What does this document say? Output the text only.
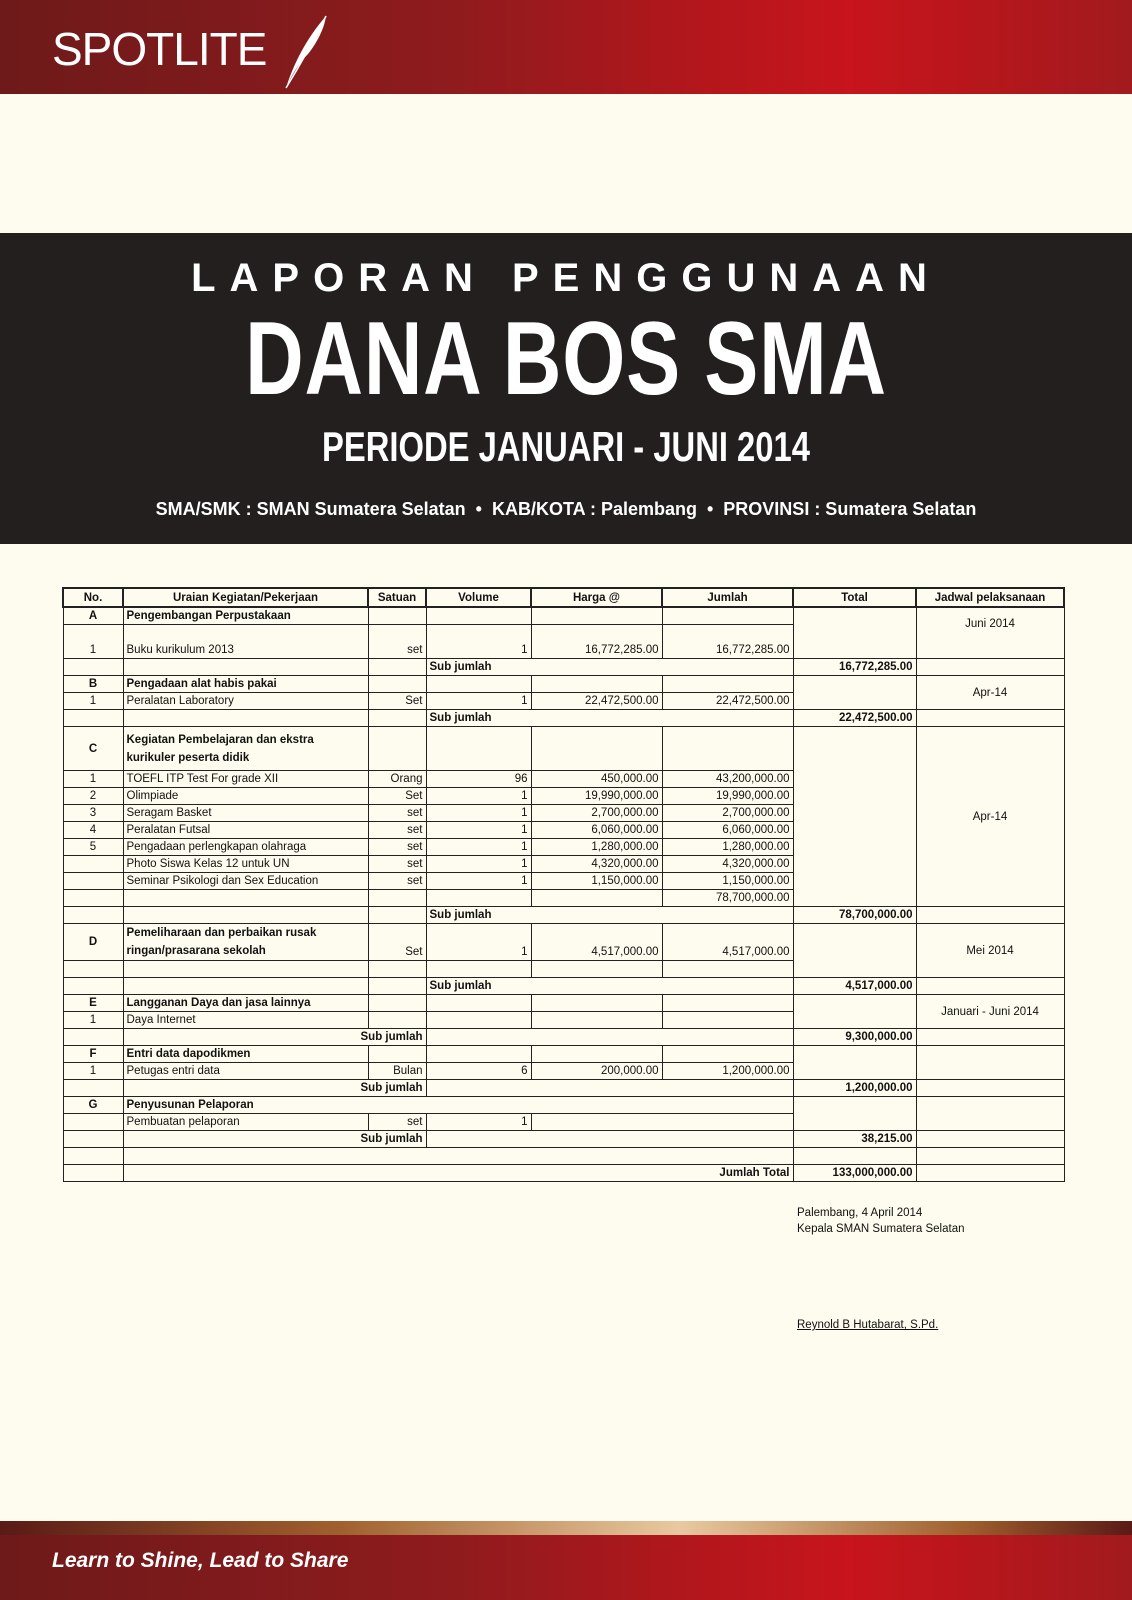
SPOTLITE
LAPORAN PENGGUNAAN
DANA BOS SMA
PERIODE JANUARI - JUNI 2014
SMA/SMK : SMAN Sumatera Selatan • KAB/KOTA : Palembang • PROVINSI : Sumatera Selatan
No.	Uraian Kegiatan/Pekerjaan	Satuan	Volume	Harga @	Jumlah	Total	Jadwal pelaksanaan
A	Pengembangan Perpustakaan						Juni 2014
1	Buku kurikulum 2013	set	1	16,772,285.00	16,772,285.00		
			Sub jumlah			16,772,285.00	
B	Pengadaan alat habis pakai						Apr-14
1	Peralatan Laboratory	Set	1	22,472,500.00	22,472,500.00		
			Sub jumlah			22,472,500.00	
C	Kegiatan Pembelajaran dan ekstra kurikuler peserta didik						Apr-14
1	TOEFL ITP Test For grade XII	Orang	96	450,000.00	43,200,000.00		
2	Olimpiade	Set	1	19,990,000.00	19,990,000.00		
3	Seragam Basket	set	1	2,700,000.00	2,700,000.00		
4	Peralatan Futsal	set	1	6,060,000.00	6,060,000.00		
5	Pengadaan perlengkapan olahraga	set	1	1,280,000.00	1,280,000.00		
	Photo Siswa Kelas 12 untuk UN	set	1	4,320,000.00	4,320,000.00		
	Seminar Psikologi dan Sex Education	set	1	1,150,000.00	1,150,000.00		
					78,700,000.00		
			Sub jumlah			78,700,000.00	
D	Pemeliharaan dan perbaikan rusak ringan/prasarana sekolah	Set	1	4,517,000.00	4,517,000.00		Mei 2014

			Sub jumlah			4,517,000.00	
E	Langganan Daya dan jasa lainnya						Januari - Juni 2014
1	Daya Internet						
	Sub jumlah					9,300,000.00	
F	Entri data dapodikmen						
1	Petugas entri data	Bulan	6	200,000.00	1,200,000.00		
	Sub jumlah					1,200,000.00	
G	Penyusunan Pelaporan						
	Pembuatan pelaporan	set	1				
	Sub jumlah					38,215.00	

	Jumlah Total					133,000,000.00	
Palembang, 4 April 2014
Kepala SMAN Sumatera Selatan
Reynold B Hutabarat, S.Pd.
Learn to Shine, Lead to Share
